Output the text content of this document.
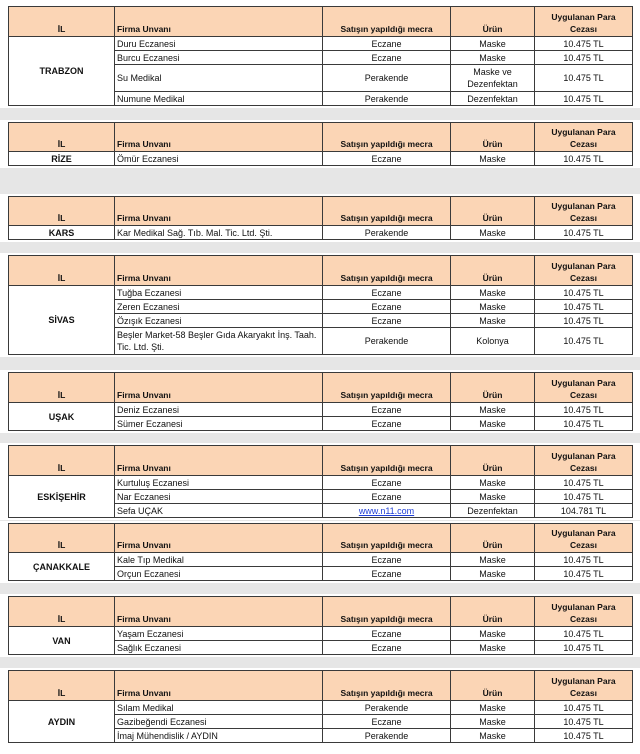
İL	Firma Unvanı	Satışın yapıldığı mecra	Ürün	Uygulanan Para Cezası
TRABZON	Duru Eczanesi	Eczane	Maske	10.475 TL
	Burcu Eczanesi	Eczane	Maske	10.475 TL
	Su Medikal	Perakende	Maske ve Dezenfektan	10.475 TL
	Numune Medikal	Perakende	Dezenfektan	10.475 TL
İL	Firma Unvanı	Satışın yapıldığı mecra	Ürün	Uygulanan Para Cezası
RİZE	Ömür Eczanesi	Eczane	Maske	10.475 TL
İL	Firma Unvanı	Satışın yapıldığı mecra	Ürün	Uygulanan Para Cezası
KARS	Kar Medikal Sağ. Tıb. Mal. Tic. Ltd. Şti.	Perakende	Maske	10.475 TL
İL	Firma Unvanı	Satışın yapıldığı mecra	Ürün	Uygulanan Para Cezası
SİVAS	Tuğba Eczanesi	Eczane	Maske	10.475 TL
	Zeren Eczanesi	Eczane	Maske	10.475 TL
	Özışık Eczanesi	Eczane	Maske	10.475 TL
	Beşler Market-58 Beşler Gıda Akaryakıt İnş. Taah. Tic. Ltd. Şti.	Perakende	Kolonya	10.475 TL
İL	Firma Unvanı	Satışın yapıldığı mecra	Ürün	Uygulanan Para Cezası
UŞAK	Deniz Eczanesi	Eczane	Maske	10.475 TL
	Sümer Eczanesi	Eczane	Maske	10.475 TL
İL	Firma Unvanı	Satışın yapıldığı mecra	Ürün	Uygulanan Para Cezası
ESKİŞEHİR	Kurtuluş Eczanesi	Eczane	Maske	10.475 TL
	Nar Eczanesi	Eczane	Maske	10.475 TL
	Sefa UÇAK	www.n11.com	Dezenfektan	104.781 TL
İL	Firma Unvanı	Satışın yapıldığı mecra	Ürün	Uygulanan Para Cezası
ÇANAKKALE	Kale Tıp Medikal	Eczane	Maske	10.475 TL
	Orçun Eczanesi	Eczane	Maske	10.475 TL
İL	Firma Unvanı	Satışın yapıldığı mecra	Ürün	Uygulanan Para Cezası
VAN	Yaşam Eczanesi	Eczane	Maske	10.475 TL
	Sağlık Eczanesi	Eczane	Maske	10.475 TL
İL	Firma Unvanı	Satışın yapıldığı mecra	Ürün	Uygulanan Para Cezası
AYDIN	Sılam Medikal	Perakende	Maske	10.475 TL
	Gazibeğendi Eczanesi	Eczane	Maske	10.475 TL
	İmaj Mühendislik / AYDIN	Perakende	Maske	10.475 TL
